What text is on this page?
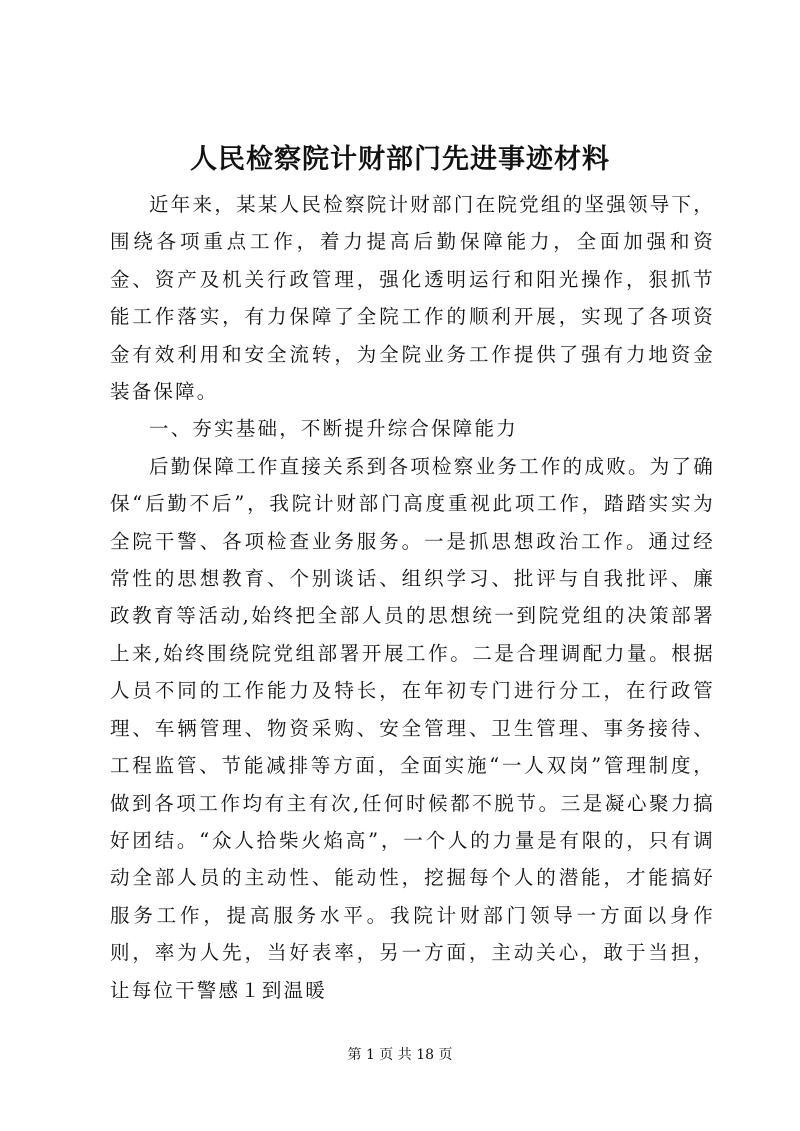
人民检察院计财部门先进事迹材料

近年来，某某人民检察院计财部门在院党组的坚强领导下，围绕各项重点工作，着力提高后勤保障能力，全面加强和资金、资产及机关行政管理，强化透明运行和阳光操作，狠抓节能工作落实，有力保障了全院工作的顺利开展，实现了各项资金有效利用和安全流转，为全院业务工作提供了强有力地资金装备保障。

一、夯实基础，不断提升综合保障能力

后勤保障工作直接关系到各项检察业务工作的成败。为了确保“后勤不后”，我院计财部门高度重视此项工作，踏踏实实为全院干警、各项检查业务服务。一是抓思想政治工作。通过经常性的思想教育、个别谈话、组织学习、批评与自我批评、廉政教育等活动,始终把全部人员的思想统一到院党组的决策部署上来,始终围绕院党组部署开展工作。二是合理调配力量。根据人员不同的工作能力及特长，在年初专门进行分工，在行政管理、车辆管理、物资采购、安全管理、卫生管理、事务接待、工程监管、节能减排等方面，全面实施“一人双岗”管理制度，做到各项工作均有主有次,任何时候都不脱节。三是凝心聚力搞好团结。“众人拾柴火焰高”，一个人的力量是有限的，只有调动全部人员的主动性、能动性，挖掘每个人的潜能，才能搞好服务工作，提高服务水平。我院计财部门领导一方面以身作则，率为人先，当好表率，另一方面，主动关心，敢于当担，让每位干警感１到温暖

第 1 页 共 18 页
